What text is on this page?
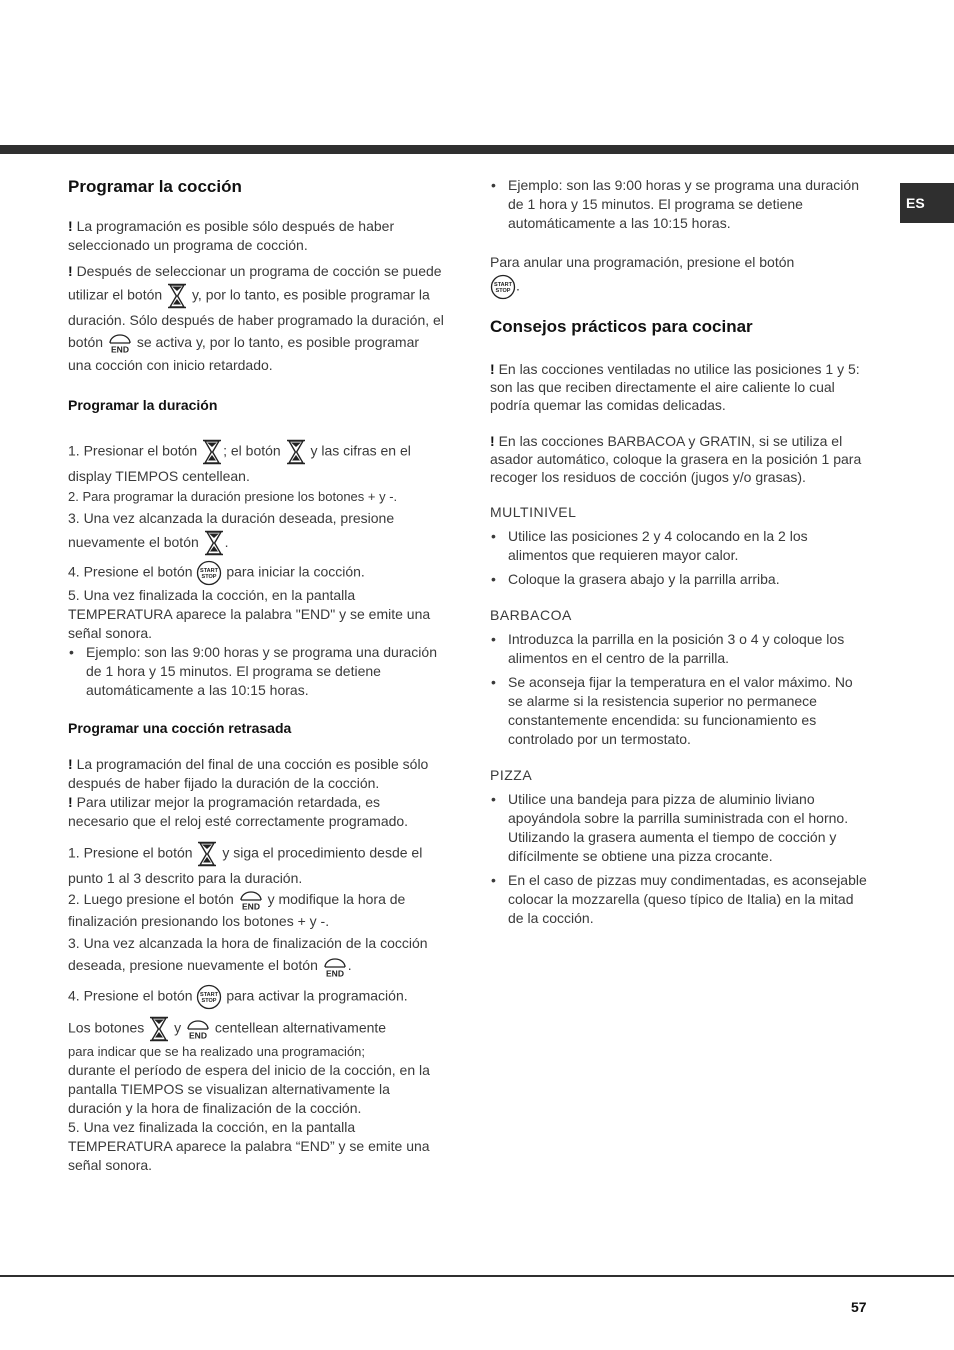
ES
57
Programar la cocción

! La programación es posible sólo después de haber seleccionado un programa de cocción.

! Después de seleccionar un programa de cocción se puede utilizar el botón y, por lo tanto, es posible programar la duración. Sólo después de haber programado la duración, el botón END se activa y, por lo tanto, es posible programar una cocción con inicio retardado.

Programar la duración

1. Presionar el botón ; el botón y las cifras en el display TIEMPOS centellean.

2. Para programar la duración presione los botones + y -.

3. Una vez alcanzada la duración deseada, presione nuevamente el botón .

4. Presione el botón START
STOP para iniciar la cocción.

5. Una vez finalizada la cocción, en la pantalla TEMPERATURA aparece la palabra "END" y se emite una señal sonora.

• Ejemplo: son las 9:00 horas y se programa una duración de 1 hora y 15 minutos. El programa se detiene automáticamente a las 10:15 horas.
Programar una cocción retrasada

! La programación del final de una cocción es posible sólo después de haber fijado la duración de la cocción.

! Para utilizar mejor la programación retardada, es necesario que el reloj esté correctamente programado.

1. Presione el botón y siga el procedimiento desde el punto 1 al 3 descrito para la duración.

2. Luego presione el botón END y modifique la hora de finalización presionando los botones + y -.

3. Una vez alcanzada la hora de finalización de la cocción deseada, presione nuevamente el botón END .

4. Presione el botón START
STOP para activar la programación.

Los botones y END centellean alternativamente

para indicar que se ha realizado una programación;

durante el período de espera del inicio de la cocción, en la pantalla TIEMPOS se visualizan alternativamente la duración y la hora de finalización de la cocción.

5. Una vez finalizada la cocción, en la pantalla TEMPERATURA aparece la palabra “END” y se emite una señal sonora.

• Ejemplo: son las 9:00 horas y se programa una duración de 1 hora y 15 minutos. El programa se detiene automáticamente a las 10:15 horas.

Para anular una programación, presione el botón

START
STOP .

Consejos prácticos para cocinar

! En las cocciones ventiladas no utilice las posiciones 1 y 5: son las que reciben directamente el aire caliente lo cual podría quemar las comidas delicadas.

! En las cocciones BARBACOA y GRATIN, si se utiliza el asador automático, coloque la grasera en la posición 1 para recoger los residuos de cocción (jugos y/o grasas).

MULTINIVEL

• Utilice las posiciones 2 y 4 colocando en la 2 los alimentos que requieren mayor calor.
• Coloque la grasera abajo y la parrilla arriba.

BARBACOA

• Introduzca la parrilla en la posición 3 o 4 y coloque los alimentos en el centro de la parrilla.
• Se aconseja fijar la temperatura en el valor máximo. No se alarme si la resistencia superior no permanece constantemente encendida: su funcionamiento es controlado por un termostato.

PIZZA

• Utilice una bandeja para pizza de aluminio liviano apoyándola sobre la parrilla suministrada con el horno. Utilizando la grasera aumenta el tiempo de cocción y difícilmente se obtiene una pizza crocante.
• En el caso de pizzas muy condimentadas, es aconsejable colocar la mozzarella (queso típico de Italia) en la mitad de la cocción.
